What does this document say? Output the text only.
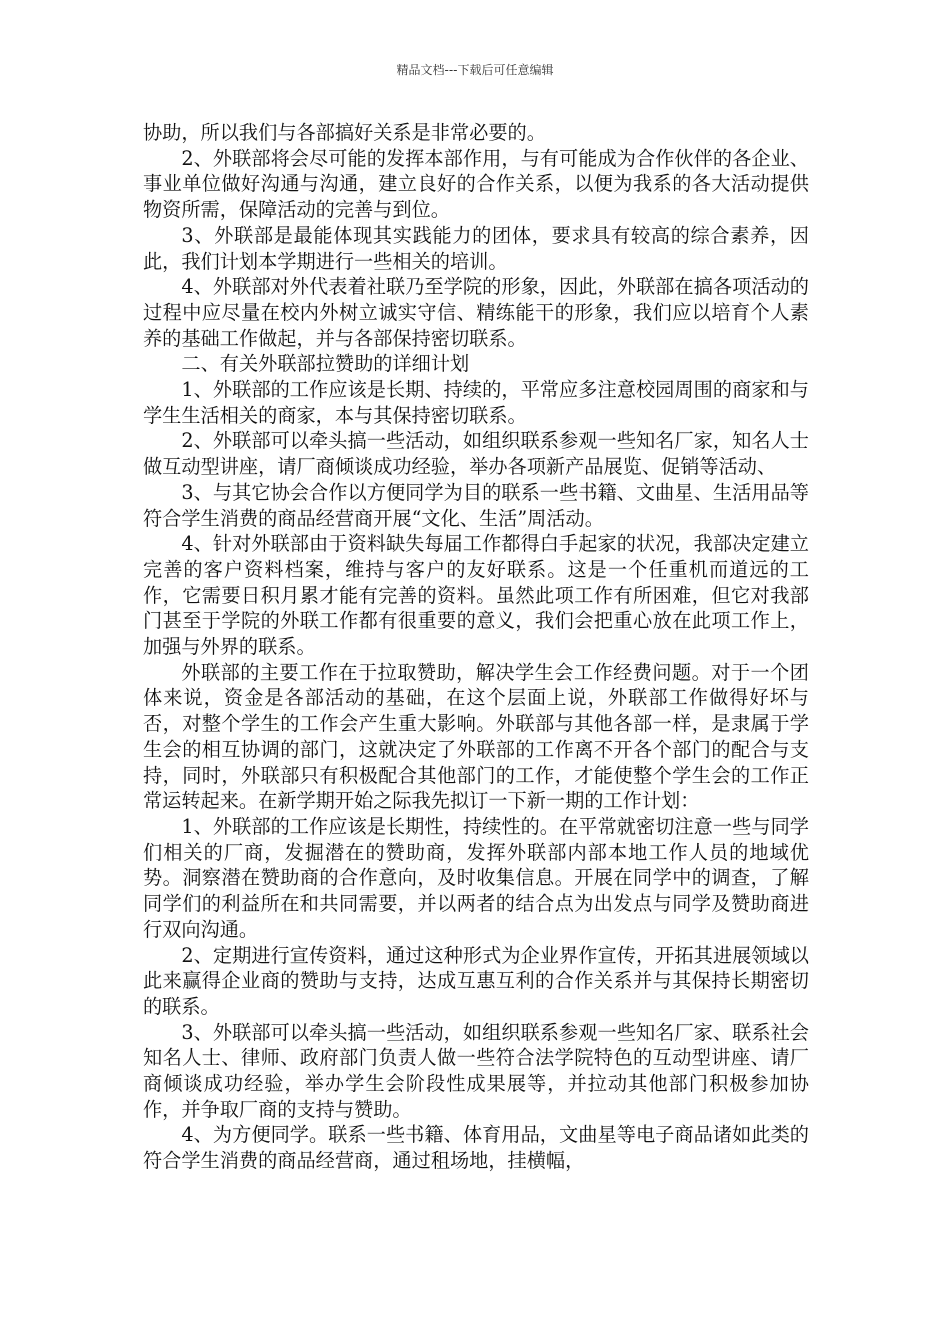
精品文档---下载后可任意编辑

协助，所以我们与各部搞好关系是非常必要的。

2、外联部将会尽可能的发挥本部作用，与有可能成为合作伙伴的各企业、事业单位做好沟通与沟通，建立良好的合作关系，以便为我系的各大活动提供物资所需，保障活动的完善与到位。

3、外联部是最能体现其实践能力的团体，要求具有较高的综合素养，因此，我们计划本学期进行一些相关的培训。

4、外联部对外代表着社联乃至学院的形象，因此，外联部在搞各项活动的过程中应尽量在校内外树立诚实守信、精练能干的形象，我们应以培育个人素养的基础工作做起，并与各部保持密切联系。

二、有关外联部拉赞助的详细计划

1、外联部的工作应该是长期、持续的，平常应多注意校园周围的商家和与学生生活相关的商家，本与其保持密切联系。

2、外联部可以牵头搞一些活动，如组织联系参观一些知名厂家，知名人士做互动型讲座，请厂商倾谈成功经验，举办各项新产品展览、促销等活动、

3、与其它协会合作以方便同学为目的联系一些书籍、文曲星、生活用品等符合学生消费的商品经营商开展“文化、生活”周活动。

4、针对外联部由于资料缺失每届工作都得白手起家的状况，我部决定建立完善的客户资料档案，维持与客户的友好联系。这是一个任重机而道远的工作，它需要日积月累才能有完善的资料。虽然此项工作有所困难，但它对我部门甚至于学院的外联工作都有很重要的意义，我们会把重心放在此项工作上，加强与外界的联系。

外联部的主要工作在于拉取赞助，解决学生会工作经费问题。对于一个团体来说，资金是各部活动的基础，在这个层面上说，外联部工作做得好坏与否，对整个学生的工作会产生重大影响。外联部与其他各部一样，是隶属于学生会的相互协调的部门，这就决定了外联部的工作离不开各个部门的配合与支持，同时，外联部只有积极配合其他部门的工作，才能使整个学生会的工作正常运转起来。在新学期开始之际我先拟订一下新一期的工作计划：

1、外联部的工作应该是长期性，持续性的。在平常就密切注意一些与同学们相关的厂商，发掘潜在的赞助商，发挥外联部内部本地工作人员的地域优势。洞察潜在赞助商的合作意向，及时收集信息。开展在同学中的调查，了解同学们的利益所在和共同需要，并以两者的结合点为出发点与同学及赞助商进行双向沟通。

2、定期进行宣传资料，通过这种形式为企业界作宣传，开拓其进展领域以此来赢得企业商的赞助与支持，达成互惠互利的合作关系并与其保持长期密切的联系。

3、外联部可以牵头搞一些活动，如组织联系参观一些知名厂家、联系社会知名人士、律师、政府部门负责人做一些符合法学院特色的互动型讲座、请厂商倾谈成功经验，举办学生会阶段性成果展等，并拉动其他部门积极参加协作，并争取厂商的支持与赞助。

4、为方便同学。联系一些书籍、体育用品，文曲星等电子商品诸如此类的符合学生消费的商品经营商，通过租场地，挂横幅，
